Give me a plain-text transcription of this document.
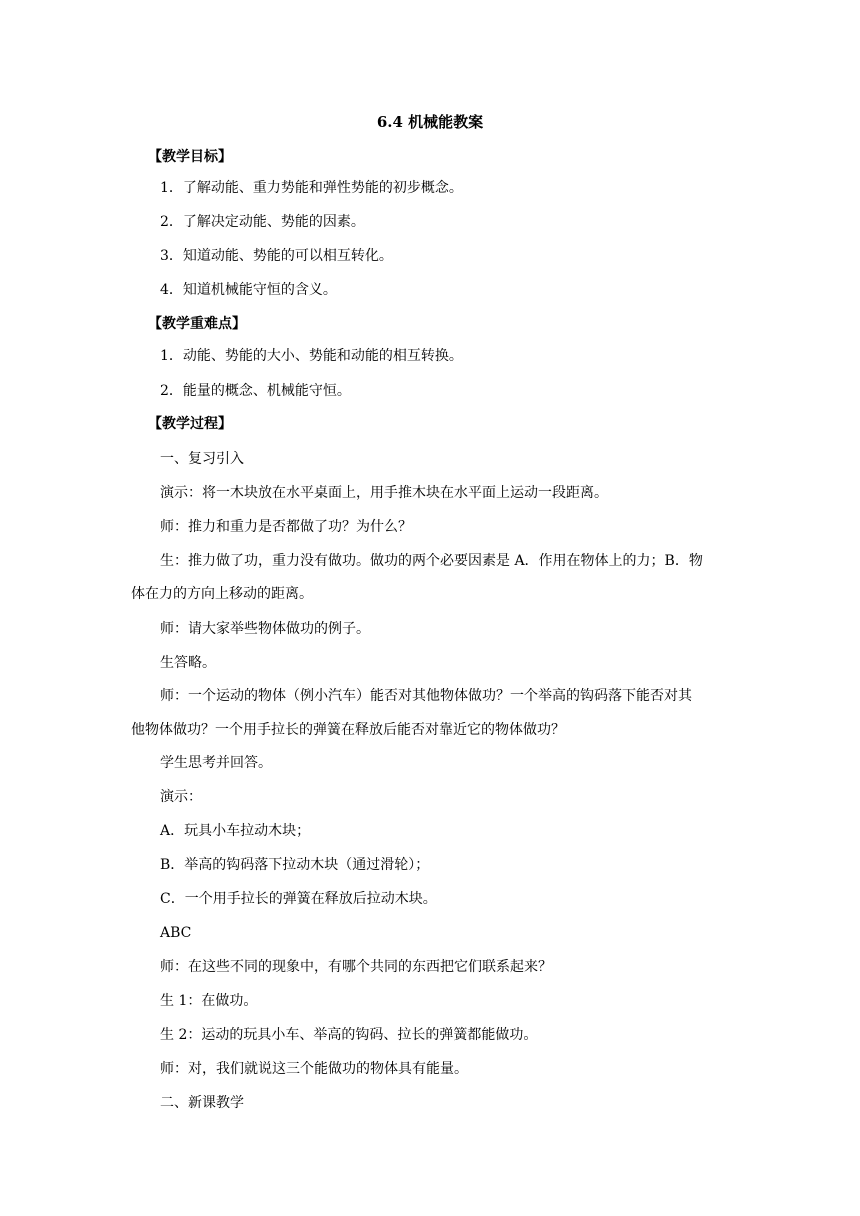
6.4 机械能教案
【教学目标】
1．了解动能、重力势能和弹性势能的初步概念。
2．了解决定动能、势能的因素。
3．知道动能、势能的可以相互转化。
4．知道机械能守恒的含义。
【教学重难点】
1．动能、势能的大小、势能和动能的相互转换。
2．能量的概念、机械能守恒。
【教学过程】
一、复习引入
演示：将一木块放在水平桌面上，用手推木块在水平面上运动一段距离。
师：推力和重力是否都做了功？为什么？
生：推力做了功，重力没有做功。做功的两个必要因素是 A．作用在物体上的力；B．物
体在力的方向上移动的距离。
师：请大家举些物体做功的例子。
生答略。
师：一个运动的物体（例小汽车）能否对其他物体做功？一个举高的钩码落下能否对其
他物体做功？一个用手拉长的弹簧在释放后能否对靠近它的物体做功？
学生思考并回答。
演示：
A．玩具小车拉动木块；
B．举高的钩码落下拉动木块（通过滑轮）；
C．一个用手拉长的弹簧在释放后拉动木块。
ABC
师：在这些不同的现象中，有哪个共同的东西把它们联系起来？
生 1：在做功。
生 2：运动的玩具小车、举高的钩码、拉长的弹簧都能做功。
师：对，我们就说这三个能做功的物体具有能量。
二、新课教学
